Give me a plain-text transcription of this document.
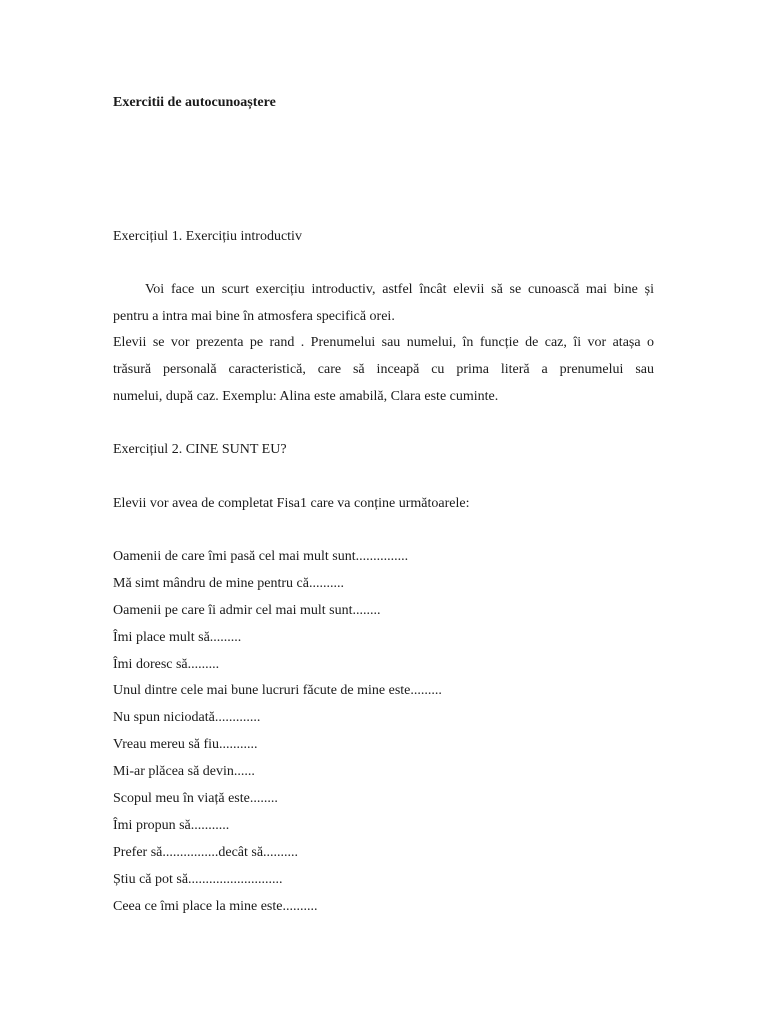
Exercitii de autocunoaștere
Exercițiul 1. Exercițiu introductiv
Voi face un scurt exercițiu introductiv, astfel încât elevii să se cunoască mai bine și
pentru a intra mai bine în atmosfera specifică orei.
Elevii se vor prezenta pe rand . Prenumelui sau numelui, în funcție de caz, îi vor atașa o
trăsură personală caracteristică, care să inceapă cu prima literă a prenumelui sau
numelui, după caz. Exemplu: Alina este amabilă, Clara este cuminte.
Exercițiul 2. CINE SUNT EU?
Elevii vor avea de completat Fisa1 care va conține următoarele:
Oamenii de care îmi pasă cel mai mult sunt...............
Mă simt mândru de mine pentru că..........
Oamenii pe care îi admir cel mai mult sunt........
Îmi place mult să.........
Îmi doresc să.........
Unul dintre cele mai bune lucruri făcute de mine este.........
Nu spun niciodată.............
Vreau mereu să fiu...........
Mi-ar plăcea să devin......
Scopul meu în viață este........
Îmi propun să...........
Prefer să................decât să..........
Știu că pot să...........................
Ceea ce îmi place la mine este..........
